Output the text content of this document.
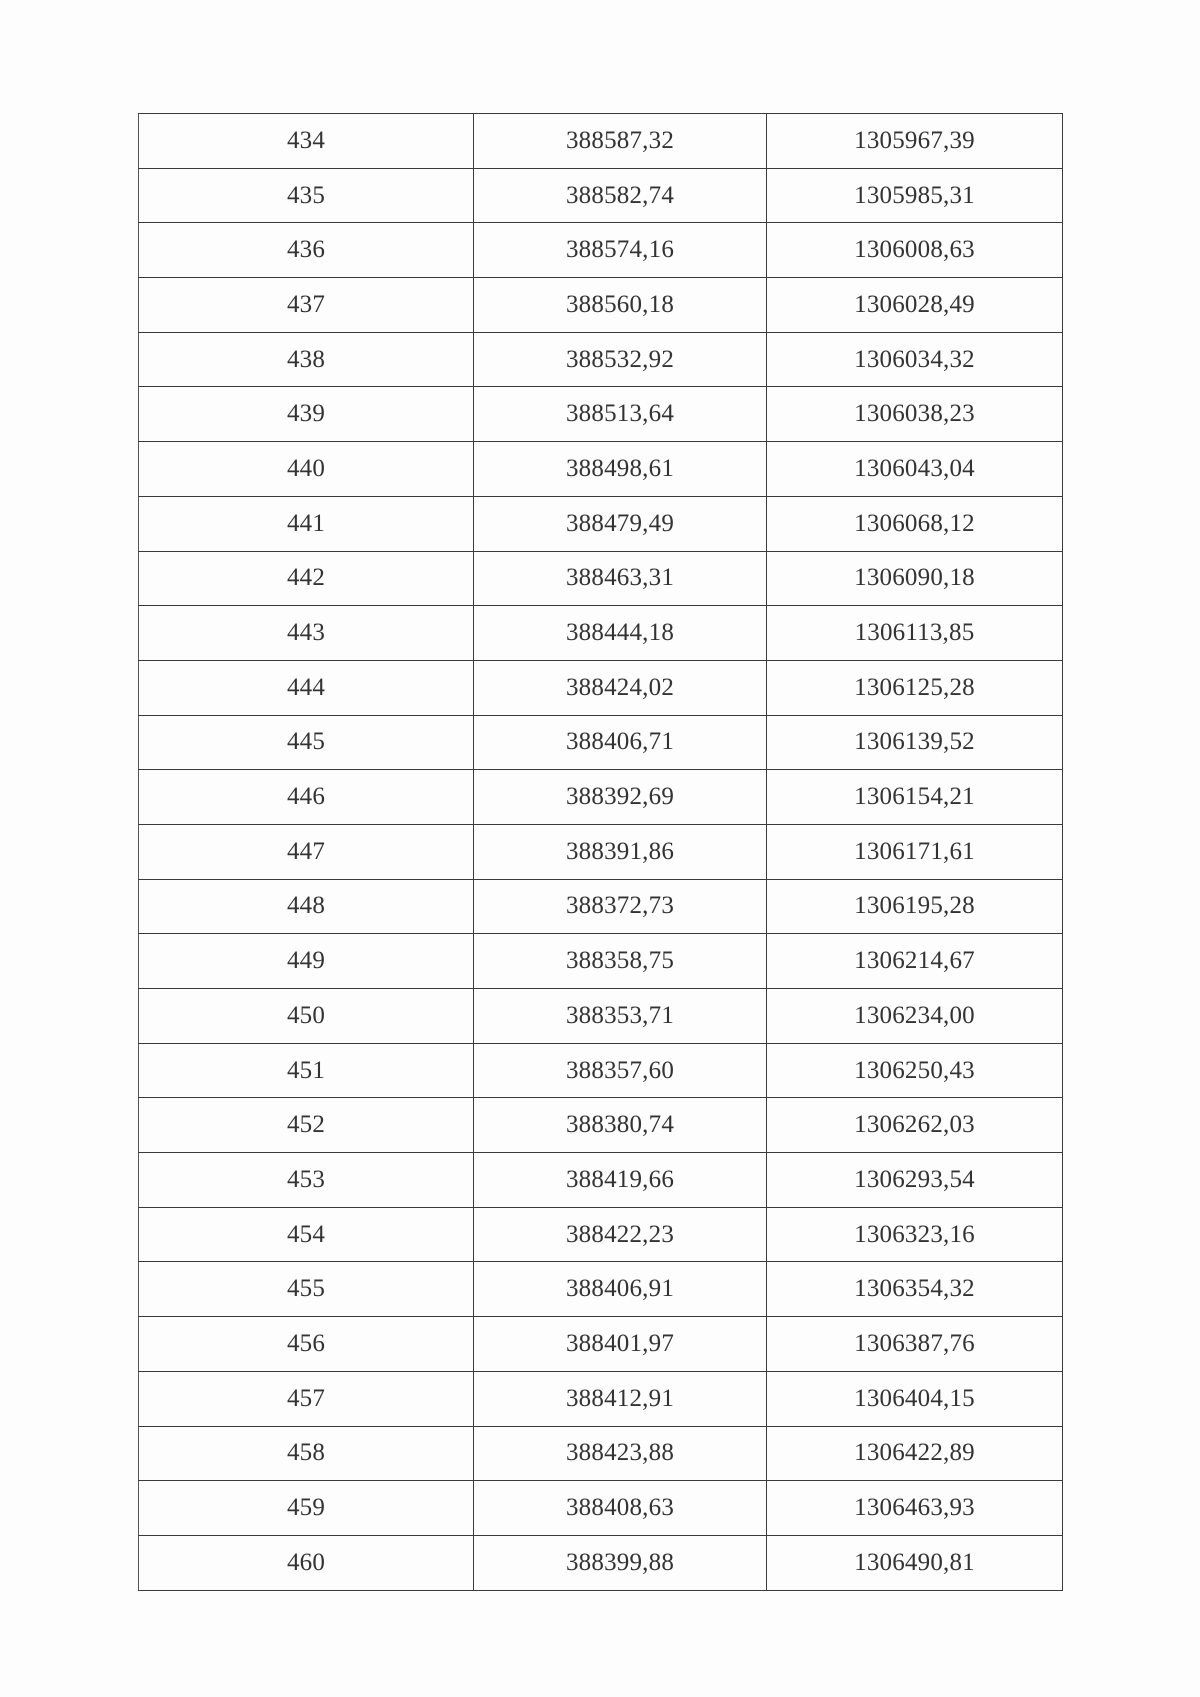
434	388587,32	1305967,39
435	388582,74	1305985,31
436	388574,16	1306008,63
437	388560,18	1306028,49
438	388532,92	1306034,32
439	388513,64	1306038,23
440	388498,61	1306043,04
441	388479,49	1306068,12
442	388463,31	1306090,18
443	388444,18	1306113,85
444	388424,02	1306125,28
445	388406,71	1306139,52
446	388392,69	1306154,21
447	388391,86	1306171,61
448	388372,73	1306195,28
449	388358,75	1306214,67
450	388353,71	1306234,00
451	388357,60	1306250,43
452	388380,74	1306262,03
453	388419,66	1306293,54
454	388422,23	1306323,16
455	388406,91	1306354,32
456	388401,97	1306387,76
457	388412,91	1306404,15
458	388423,88	1306422,89
459	388408,63	1306463,93
460	388399,88	1306490,81
